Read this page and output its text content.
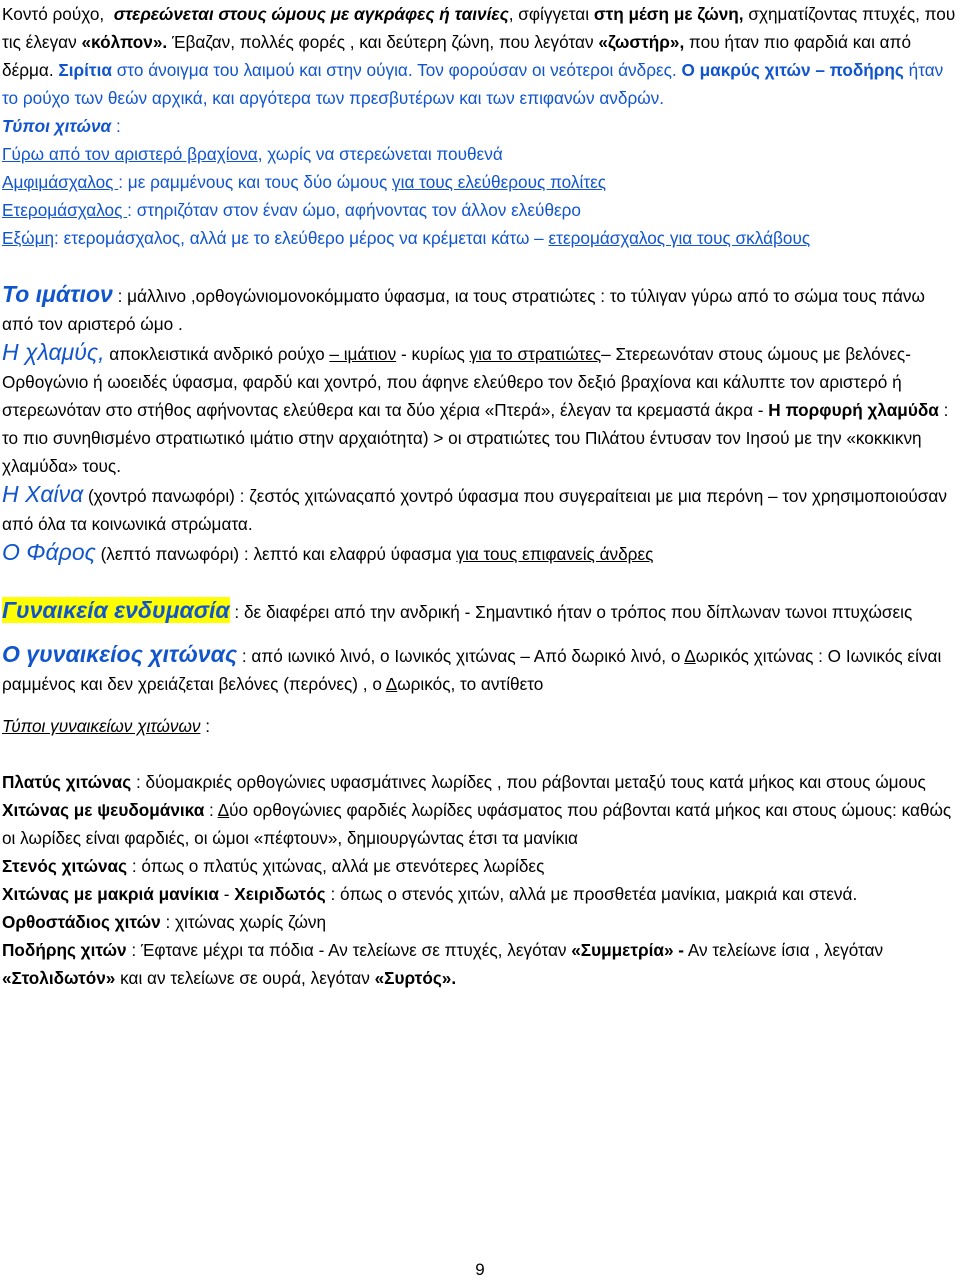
Κοντό ρούχο, στερεώνεται στους ώμους με αγκράφες ή ταινίες, σφίγγεται στη μέση με ζώνη, σχηματίζοντας πτυχές, που τις έλεγαν «κόλπον». Έβαζαν, πολλές φορές , και δεύτερη ζώνη, που λεγόταν «ζωστήρ», που ήταν πιο φαρδιά και από δέρμα. Σιρίτια στο άνοιγμα του λαιμού και στην ούγια. Τον φορούσαν οι νεότεροι άνδρες. Ο μακρύς χιτών – ποδήρης ήταν το ρούχο των θεών αρχικά, και αργότερα των πρεσβυτέρων και των επιφανών ανδρών.

Τύποι χιτώνα :

Γύρω από τον αριστερό βραχίονα, χωρίς να στερεώνεται πουθενά

Αμφιμάσχαλος : με ραμμένους και τους δύο ώμους για τους ελεύθερους πολίτες

Ετερομάσχαλος : στηριζόταν στον έναν ώμο, αφήνοντας τον άλλον ελεύθερο

Εξώμη: ετερομάσχαλος, αλλά με το ελεύθερο μέρος να κρέμεται κάτω – ετερομάσχαλος για τους σκλάβους

Το ιμάτιον : μάλλινο ,ορθογώνιομονοκόμματο ύφασμα, ια τους στρατιώτες : το τύλιγαν γύρω από το σώμα τους πάνω από τον αριστερό ώμο .

Η χλαμύς, αποκλειστικά ανδρικό ρούχο – ιμάτιον - κυρίως για το στρατιώτες– Στερεωνόταν στους ώμους με βελόνες- Ορθογώνιο ή ωοειδές ύφασμα, φαρδύ και χοντρό, που άφηνε ελεύθερο τον δεξιό βραχίονα και κάλυπτε τον αριστερό ή στερεωνόταν στο στήθος αφήνοντας ελεύθερα και τα δύο χέρια «Πτερά», έλεγαν τα κρεμαστά άκρα - Η πορφυρή χλαμύδα : το πιο συνηθισμένο στρατιωτικό ιμάτιο στην αρχαιότητα) > οι στρατιώτες του Πιλάτου έντυσαν τον Ιησού με την «κοκκικνη χλαμύδα» τους.

Η Χαίνα (χοντρό πανωφόρι) : ζεστός χιτώναςαπό χοντρό ύφασμα που συγεραίτειαι με μια περόνη – τον χρησιμοποιούσαν από όλα τα κοινωνικά στρώματα.

Ο Φάρος (λεπτό πανωφόρι) : λεπτό και ελαφρύ ύφασμα για τους επιφανείς άνδρες

Γυναικεία ενδυμασία : δε διαφέρει από την ανδρική - Σημαντικό ήταν ο τρόπος που δίπλωναν τωνοι πτυχώσεις

Ο γυναικείος χιτώνας : από ιωνικό λινό, ο Ιωνικός χιτώνας – Από δωρικό λινό, ο Δωρικός χιτώνας : Ο Ιωνικός είναι ραμμένος και δεν χρειάζεται βελόνες (περόνες) , ο Δωρικός, το αντίθετο

Τύποι γυναικείων χιτώνων :

Πλατύς χιτώνας : δύομακριές ορθογώνιες υφασμάτινες λωρίδες , που ράβονται μεταξύ τους κατά μήκος και στους ώμους

Χιτώνας με ψευδομάνικα : Δύο ορθογώνιες φαρδιές λωρίδες υφάσματος που ράβονται κατά μήκος και στους ώμους: καθώς οι λωρίδες είναι φαρδιές, οι ώμοι «πέφτουν», δημιουργώντας έτσι τα μανίκια

Στενός χιτώνας : όπως ο πλατύς χιτώνας, αλλά με στενότερες λωρίδες

Χιτώνας με μακριά μανίκια - Χειριδωτός : όπως ο στενός χιτών, αλλά με προσθετέα μανίκια, μακριά και στενά.

Ορθοστάδιος χιτών : χιτώνας χωρίς ζώνη

Ποδήρης χιτών : Έφτανε μέχρι τα πόδια - Αν τελείωνε σε πτυχές, λεγόταν «Συμμετρία» - Αν τελείωνε ίσια , λεγόταν «Στολιδωτόν» και αν τελείωνε σε ουρά, λεγόταν «Συρτός».

9
